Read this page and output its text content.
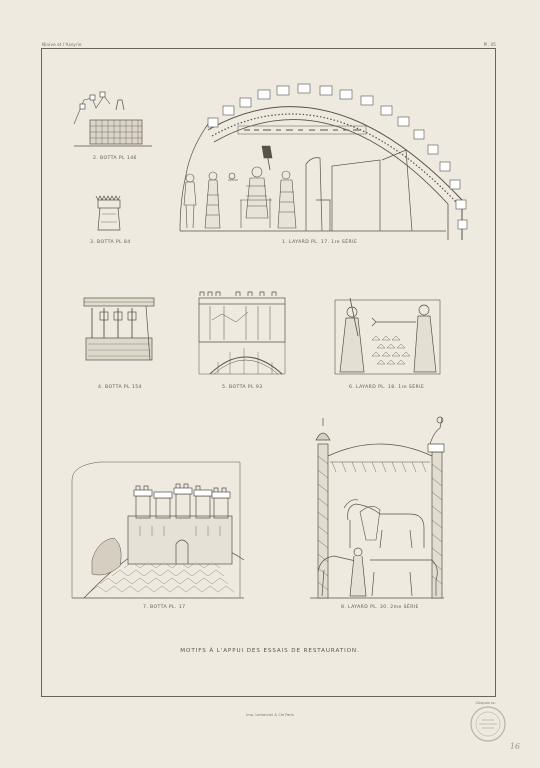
Ninive et l'Assyrie	Pl. 45
2. BOTTA PL 146
1. LAYARD PL. 17. 1re SÉRIE
3. BOTTA PL 84
4. BOTTA PL 154	5. BOTTA PL 93	6. LAYARD PL. 18. 1re SÉRIE
7. BOTTA PL. 17	8. LAYARD PL. 30. 2me SÉRIE
MOTIFS À L'APPUI DES ESSAIS DE RESTAURATION.
Chapuis sc.
Imp. Lemercier & Cie Paris
16
